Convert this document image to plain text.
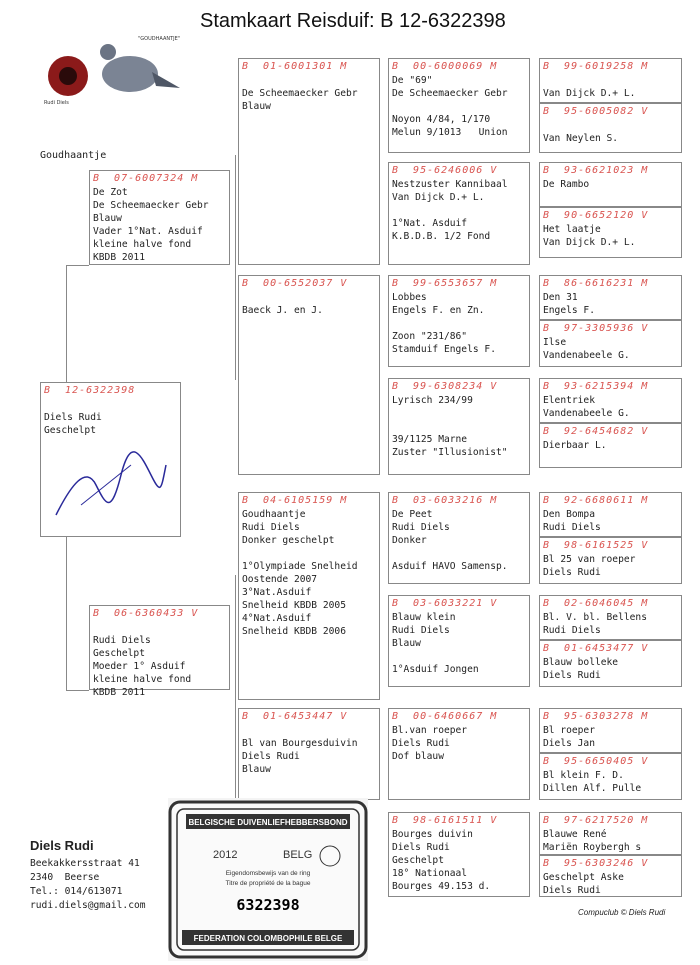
Stamkaart Reisduif: B 12-6322398
"GOUDHAANTJE"
Rudi Diels
Goudhaantje
B  12-6322398

Diels Rudi
Geschelpt
B  07-6007324 M
De Zot
De Scheemaecker Gebr
Blauw
Vader 1°Nat. Asduif
kleine halve fond
KBDB 2011
B  06-6360433 V

Rudi Diels
Geschelpt
Moeder 1° Asduif
kleine halve fond
KBDB 2011
B  01-6001301 M

De Scheemaecker Gebr
Blauw
B  00-6552037 V

Baeck J. en J.
B  04-6105159 M
Goudhaantje
Rudi Diels
Donker geschelpt

1°Olympiade Snelheid
Oostende 2007
3°Nat.Asduif
Snelheid KBDB 2005
4°Nat.Asduif
Snelheid KBDB 2006
B  01-6453447 V

Bl van Bourgesduivin
Diels Rudi
Blauw
B  00-6000069 M
De "69"
De Scheemaecker Gebr

Noyon 4/84, 1/170
Melun 9/1013   Union
B  95-6246006 V
Nestzuster Kannibaal
Van Dijck D.+ L.

1°Nat. Asduif
K.B.D.B. 1/2 Fond
B  99-6553657 M
Lobbes
Engels F. en Zn.

Zoon "231/86"
Stamduif Engels F.
B  99-6308234 V
Lyrisch 234/99

39/1125 Marne
Zuster "Illusionist"
B  03-6033216 M
De Peet
Rudi Diels
Donker

Asduif HAVO Samensp.
B  03-6033221 V
Blauw klein
Rudi Diels
Blauw

1°Asduif Jongen
B  00-6460667 M
Bl.van roeper
Diels Rudi
Dof blauw
B  98-6161511 V
Bourges duivin
Diels Rudi
Geschelpt
18° Nationaal
Bourges 49.153 d.
B  99-6019258 M

Van Dijck D.+ L.
B  95-6005082 V

Van Neylen S.
B  93-6621023 M
De Rambo
B  90-6652120 V
Het laatje
Van Dijck D.+ L.
B  86-6616231 M
Den 31
Engels F.
B  97-3305936 V
Ilse
Vandenabeele G.
B  93-6215394 M
Elentriek
Vandenabeele G.
B  92-6454682 V
Dierbaar L.
B  92-6680611 M
Den Bompa
Rudi Diels
B  98-6161525 V
Bl 25 van roeper
Diels Rudi
B  02-6046045 M
Bl. V. bl. Bellens
Rudi Diels
B  01-6453477 V
Blauw bolleke
Diels Rudi
B  95-6303278 M
Bl roeper
Diels Jan
B  95-6650405 V
Bl klein F. D.
Dillen Alf. Pulle
B  97-6217520 M
Blauwe René
Mariën Roybergh s
B  95-6303246 V
Geschelpt Aske
Diels Rudi
Diels Rudi
Beekakkersstraat 41
2340  Beerse
Tel.: 014/613071
rudi.diels@gmail.com
BELGISCHE DUIVENLIEFHEBBERSBOND
2012	BELG
Eigendomsbewijs van de ring
Titre de propriété de la bague
6322398
FEDERATION COLOMBOPHILE BELGE
Compuclub © Diels Rudi
